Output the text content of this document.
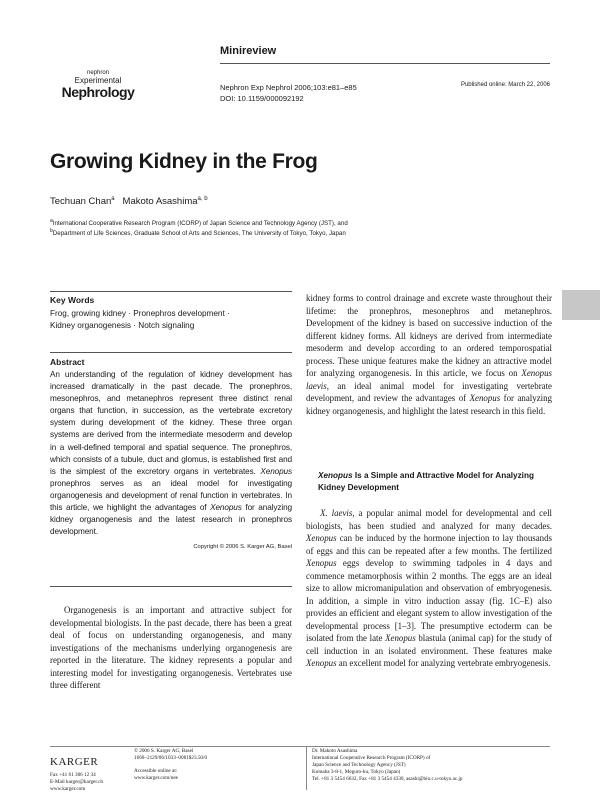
Minireview
nephron
Experimental
Nephrology	Nephron Exp Nephrol 2006;103:e81–e85
DOI: 10.1159/000092192
Published online: March 22, 2006
Growing Kidney in the Frog
Techuan Chan$^a$ Makoto Asashima$^{a, b}$
$^a$International Cooperative Research Program (ICORP) of Japan Science and Technology Agency (JST), and
$^b$Department of Life Sciences, Graduate School of Arts and Sciences, The University of Tokyo, Tokyo, Japan
Key Words
Frog, growing kidney · Pronephros development ·
Kidney organogenesis · Notch signaling
Abstract
An understanding of the regulation of kidney development has increased dramatically in the past decade. The pronephros, mesonephros, and metanephros represent three distinct renal organs that function, in succession, as the vertebrate excretory system during development of the kidney. These three organ systems are derived from the intermediate mesoderm and develop in a well-defined temporal and spatial sequence. The pronephros, which consists of a tubule, duct and glomus, is established first and is the simplest of the excretory organs in vertebrates. Xenopus pronephros serves as an ideal model for investigating organogenesis and development of renal function in vertebrates. In this article, we highlight the advantages of Xenopus for analyzing kidney organogenesis and the latest research in pronephros development.
Copyright © 2006 S. Karger AG, Basel
Organogenesis is an important and attractive subject for developmental biologists. In the past decade, there has been a great deal of focus on understanding organogenesis, and many investigations of the mechanisms underlying organogenesis are reported in the literature. The kidney represents a popular and interesting model for investigating organogenesis. Vertebrates use three different
kidney forms to control drainage and excrete waste throughout their lifetime: the pronephros, mesonephros and metanephros. Development of the kidney is based on successive induction of the different kidney forms. All kidneys are derived from intermediate mesoderm and develop according to an ordered temporospatial process. These unique features make the kidney an attractive model for analyzing organogenesis. In this article, we focus on Xenopus laevis, an ideal animal model for investigating vertebrate development, and review the advantages of Xenopus for analyzing kidney organogenesis, and highlight the latest research in this field.
Xenopus Is a Simple and Attractive Model for Analyzing Kidney Development
X. laevis, a popular animal model for developmental and cell biologists, has been studied and analyzed for many decades. Xenopus can be induced by the hormone injection to lay thousands of eggs and this can be repeated after a few months. The fertilized Xenopus eggs develop to swimming tadpoles in 4 days and commence metamorphosis within 2 months. The eggs are an ideal size to allow micromanipulation and observation of embryogenesis. In addition, a simple in vitro induction assay (fig. 1C–E) also provides an efficient and elegant system to allow investigation of the developmental process [1–3]. The presumptive ectoderm can be isolated from the late Xenopus blastula (animal cap) for the study of cell induction in an isolated environment. These features make Xenopus an excellent model for analyzing vertebrate embryogenesis.
KARGER
Fax +41 61 306 12 34
E-Mail karger@karger.ch
www.karger.com
© 2006 S. Karger AG, Basel
1660–2129/06/1033–0081$23.50/0
Accessible online at:
www.karger.com/nee
Dr. Makoto Asashima
International Cooperative Research Program (ICORP) of
Japan Science and Technology Agency (JST)
Komaba 3-8-1, Meguro-ku, Tokyo (Japan)
Tel. +81 3 5454 6632, Fax +81 3 5454 4330, asashi@bio.c.u-tokyo.ac.jp
